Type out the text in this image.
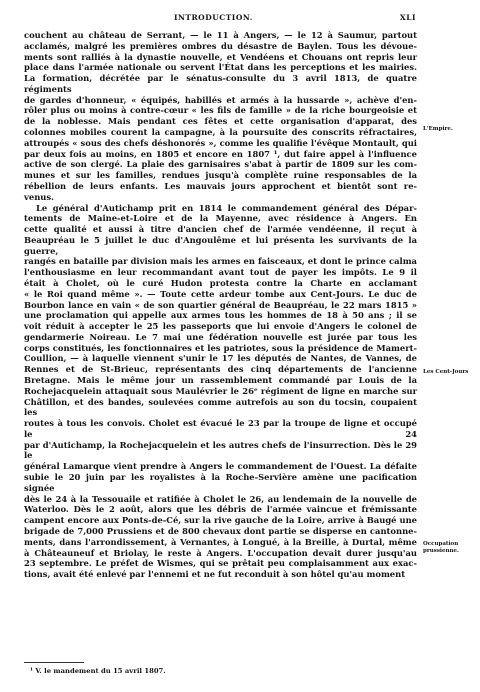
INTRODUCTION.	XLI

couchent au château de Serrant, — le 11 à Angers, — le 12 à Saumur, partout
acclamés, malgré les premières ombres du désastre de Baylen. Tous les dévoue-
ments sont ralliés à la dynastie nouvelle, et Vendéens et Chouans ont repris leur
place dans l'armée nationale ou servent l'État dans les perceptions et les mairies.
La formation, décrétée par le sénatus-consulte du 3 avril 1813, de quatre régiments
de gardes d'honneur, « équipés, habillés et armés à la hussarde », achève d'en-
rôler plus ou moins à contre-cœur « les fils de famille » de la riche bourgeoisie et
de la noblesse. Mais pendant ces fêtes et cette organisation d'apparat, des
colonnes mobiles courent la campagne, à la poursuite des conscrits réfractaires,
attroupés « sous des chefs déshonorés », comme les qualifie l'évêque Montault, qui
par deux fois au moins, en 1805 et encore en 1807 ¹, dut faire appel à l'influence
active de son clergé. La plaie des garnisaires s'abat à partir de 1809 sur les com-
munes et sur les familles, rendues jusqu'à complète ruine responsables de la
rébellion de leurs enfants. Les mauvais jours approchent et bientôt sont re-
venus.

Le général d'Autichamp prit en 1814 le commandement général des Dépar-
tements de Maine-et-Loire et de la Mayenne, avec résidence à Angers. En
cette qualité et aussi à titre d'ancien chef de l'armée vendéenne, il reçut à
Beaupréau le 5 juillet le duc d'Angoulême et lui présenta les survivants de la guerre,
rangés en bataille par division mais les armes en faisceaux, et dont le prince calma
l'enthousiasme en leur recommandant avant tout de payer les impôts. Le 9 il
était à Cholet, où le curé Hudon protesta contre la Charte en acclamant
« le Roi quand même ». — Toute cette ardeur tombe aux Cent-Jours. Le duc de
Bourbon lance en vain « de son quartier général de Beaupréau, le 22 mars 1815 »
une proclamation qui appelle aux armes tous les hommes de 18 à 50 ans ; il se
voit réduit à accepter le 25 les passeports que lui envoie d'Angers le colonel de
gendarmerie Noireau. Le 7 mai une fédération nouvelle est jurée par tous les
corps constitués, les fonctionnaires et les patriotes, sous la présidence de Mamert-
Coullion, — à laquelle viennent s'unir le 17 les députés de Nantes, de Vannes, de
Rennes et de St-Brieuc, représentants des cinq départements de l'ancienne
Bretagne. Mais le même jour un rassemblement commandé par Louis de la
Rochejacquelein attaquait sous Maulévrier le 26ᵉ régiment de ligne en marche sur
Châtillon, et des bandes, soulevées comme autrefois au son du tocsin, coupaient les
routes à tous les convois. Cholet est évacué le 23 par la troupe de ligne et occupé le 24
par d'Autichamp, la Rochejacquelein et les autres chefs de l'insurrection. Dès le 29 le
général Lamarque vient prendre à Angers le commandement de l'Ouest. La défaite
subie le 20 juin par les royalistes à la Roche-Servière amène une pacification signée
dès le 24 à la Tessouaile et ratifiée à Cholet le 26, au lendemain de la nouvelle de
Waterloo. Dès le 2 août, alors que les débris de l'armée vaincue et frémissante
campent encore aux Ponts-de-Cé, sur la rive gauche de la Loire, arrive à Baugé une
brigade de 7,000 Prussiens et de 800 chevaux dont partie se disperse en cantonne-
ments, dans l'arrondissement, à Vernantes, à Longué, à la Breille, à Durtal, même
à Châteauneuf et Briolay, le reste à Angers. L'occupation devait durer jusqu'au
23 septembre. Le préfet de Wismes, qui se prêtait peu complaisamment aux exac-
tions, avait été enlevé par l'ennemi et ne fut reconduit à son hôtel qu'au moment

L'Empire.
Les Cent-Jours
Occupation prussienne.
¹ V. le mandement du 15 avril 1807.
